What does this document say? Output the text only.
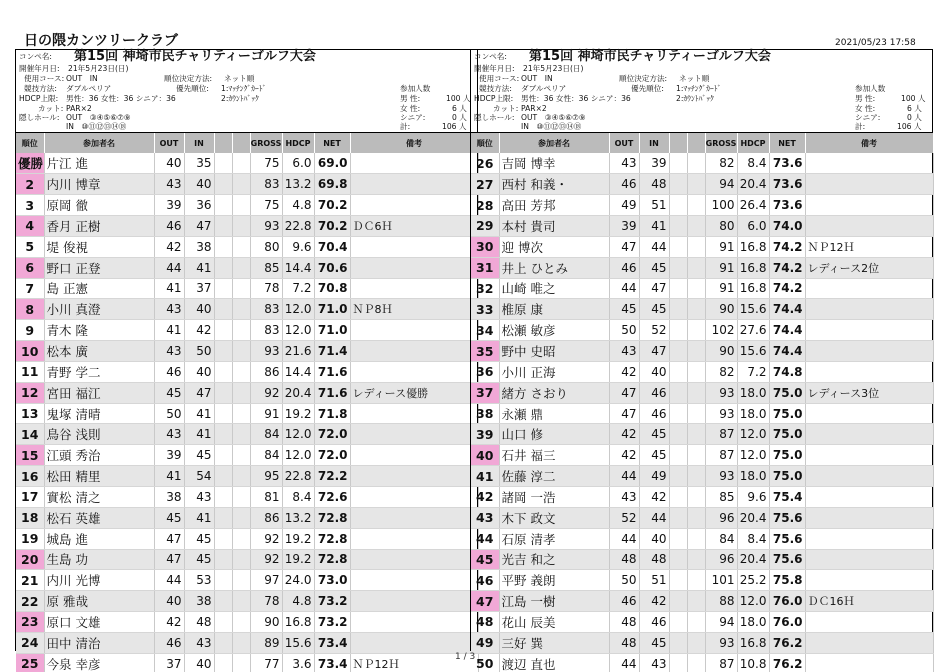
日の隈カンツリークラブ	2021/05/23 17:58
コンペ名: 第15回 神埼市民チャリティーゴルフ大会
開催年月日: 21年5月23日(日)
使用コース: OUT　IN	順位決定方法: ネット順
競技方法: ダブルペリア	優先順位: 1:ﾏｯﾁﾝｸﾞｶｰﾄﾞ
HDCP上限: 男性：36 女性：36 シニア：36	2:ｶｳﾝﾄﾊﾞｯｸ
カット: PAR×2
隠しホール: OUT　③④⑤⑥⑦⑨
IN　⑩⑪⑫⑬⑭⑱
参加人数
男 性:	100 人
女 性:	6 人
シニア:	0 人
計:	106 人
順位	参加者名	OUT	IN			GROSS	HDCP	NET	備考
優勝	片江 進	40	35			75	6.0	69.0	
2	内川 博章	43	40			83	13.2	69.8	
3	原岡 徹	39	36			75	4.8	70.2	
4	香月 正樹	46	47			93	22.8	70.2	ＤＣ6Ｈ
5	堤 俊視	42	38			80	9.6	70.4	
6	野口 正登	44	41			85	14.4	70.6	
7	島 正憲	41	37			78	7.2	70.8	
8	小川 真澄	43	40			83	12.0	71.0	ＮＰ8Ｈ
9	青木 隆	41	42			83	12.0	71.0	
10	松本 廣	43	50			93	21.6	71.4	
11	青野 学二	46	40			86	14.4	71.6	
12	宮田 福江	45	47			92	20.4	71.6	レディース優勝
13	鬼塚 清晴	50	41			91	19.2	71.8	
14	鳥谷 浅則	43	41			84	12.0	72.0	
15	江頭 秀治	39	45			84	12.0	72.0	
16	松田 精里	41	54			95	22.8	72.2	
17	實松 清之	38	43			81	8.4	72.6	
18	松石 英雄	45	41			86	13.2	72.8	
19	城島 進	47	45			92	19.2	72.8	
20	生島 功	47	45			92	19.2	72.8	
21	内川 光博	44	53			97	24.0	73.0	
22	原 雅哉	40	38			78	4.8	73.2	
23	原口 文雄	42	48			90	16.8	73.2	
24	田中 清治	46	43			89	15.6	73.4	
25	今泉 幸彦	37	40			77	3.6	73.4	ＮＰ12Ｈ
コンペ名: 第15回 神埼市民チャリティーゴルフ大会
開催年月日: 21年5月23日(日)
使用コース: OUT　IN	順位決定方法: ネット順
競技方法: ダブルペリア	優先順位: 1:ﾏｯﾁﾝｸﾞｶｰﾄﾞ
HDCP上限: 男性：36 女性：36 シニア：36	2:ｶｳﾝﾄﾊﾞｯｸ
カット: PAR×2
隠しホール: OUT　③④⑤⑥⑦⑨
IN　⑩⑪⑫⑬⑭⑱
参加人数
男 性:	100 人
女 性:	6 人
シニア:	0 人
計:	106 人
順位	参加者名	OUT	IN			GROSS	HDCP	NET	備考
26	吉岡 博幸	43	39			82	8.4	73.6	
27	西村 和義・	46	48			94	20.4	73.6	
28	高田 芳邦	49	51			100	26.4	73.6	
29	本村 貴司	39	41			80	6.0	74.0	
30	迎 博次	47	44			91	16.8	74.2	ＮＰ12Ｈ
31	井上 ひとみ	46	45			91	16.8	74.2	レディース2位
32	山崎 唯之	44	47			91	16.8	74.2	
33	椎原 康	45	45			90	15.6	74.4	
34	松瀬 敏彦	50	52			102	27.6	74.4	
35	野中 史昭	43	47			90	15.6	74.4	
36	小川 正海	42	40			82	7.2	74.8	
37	緒方 さおり	47	46			93	18.0	75.0	レディース3位
38	永瀬 鼎	47	46			93	18.0	75.0	
39	山口 修	42	45			87	12.0	75.0	
40	石井 福三	42	45			87	12.0	75.0	
41	佐藤 淳二	44	49			93	18.0	75.0	
42	諸岡 一浩	43	42			85	9.6	75.4	
43	木下 政文	52	44			96	20.4	75.6	
44	石原 清孝	44	40			84	8.4	75.6	
45	光吉 和之	48	48			96	20.4	75.6	
46	平野 義朗	50	51			101	25.2	75.8	
47	江島 一樹	46	42			88	12.0	76.0	ＤＣ16Ｈ
48	花山 辰美	48	46			94	18.0	76.0	
49	三好 巽	48	45			93	16.8	76.2	
50	渡辺 直也	44	43			87	10.8	76.2	
1 / 3
